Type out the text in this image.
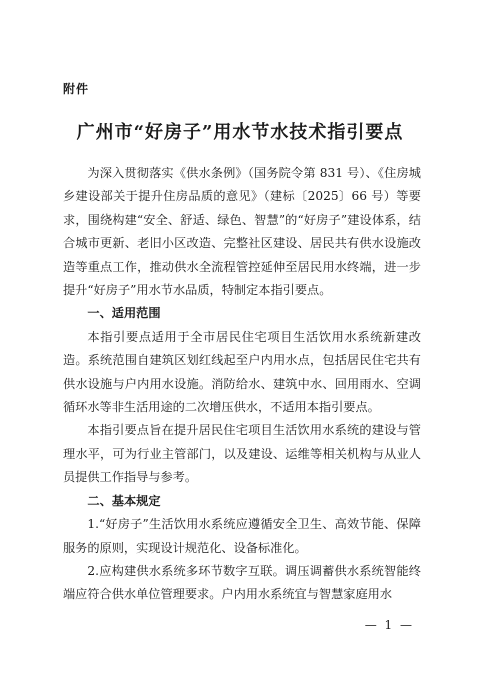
附件
广州市“好房子”用水节水技术指引要点

为深入贯彻落实《供水条例》（国务院令第 831 号）、《住房城乡建设部关于提升住房品质的意见》（建标〔2025〕66 号）等要求，围绕构建“安全、舒适、绿色、智慧”的“好房子”建设体系，结合城市更新、老旧小区改造、完整社区建设、居民共有供水设施改造等重点工作，推动供水全流程管控延伸至居民用水终端，进一步提升“好房子”用水节水品质，特制定本指引要点。

一、适用范围

本指引要点适用于全市居民住宅项目生活饮用水系统新建改造。系统范围自建筑区划红线起至户内用水点，包括居民住宅共有供水设施与户内用水设施。消防给水、建筑中水、回用雨水、空调循环水等非生活用途的二次增压供水，不适用本指引要点。

本指引要点旨在提升居民住宅项目生活饮用水系统的建设与管理水平，可为行业主管部门，以及建设、运维等相关机构与从业人员提供工作指导与参考。

二、基本规定

1.“好房子”生活饮用水系统应遵循安全卫生、高效节能、保障服务的原则，实现设计规范化、设备标准化。

2.应构建供水系统多环节数字互联。调压调蓄供水系统智能终端应符合供水单位管理要求。户内用水系统宜与智慧家庭用水

— 1 —
